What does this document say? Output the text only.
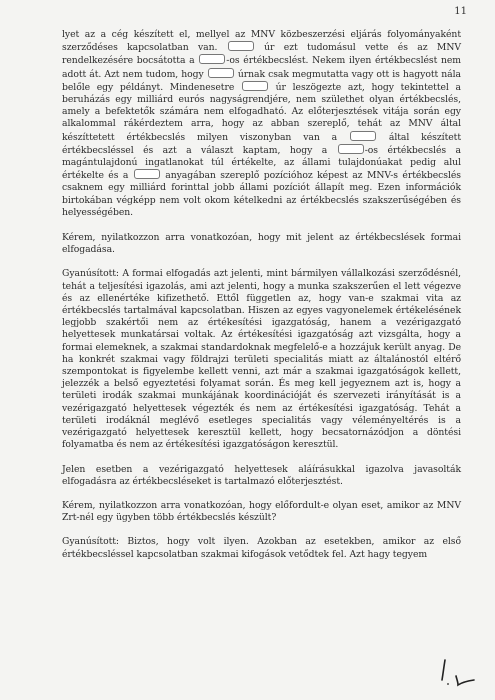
11

lyet az a cég készített el, mellyel az MNV közbeszerzési eljárás folyományaként szerződéses kapcsolatban van.	úr ezt tudomásul vette és az MNV rendelkezésére bocsátotta a	-os értékbecslést. Nekem ilyen értékbecslést nem adott át. Azt nem tudom, hogy	úrnak csak megmutatta vagy ott is hagyott nála belőle egy példányt. Mindenesetre	úr leszögezte azt, hogy tekintettel a beruházás egy milliárd eurós nagyságrendjére, nem születhet olyan értékbecslés, amely a befektetők számára nem elfogadható. Az előterjesztések vitája során egy alkalommal rákérdeztem arra, hogy az abban szereplő, tehát az MNV által készíttetett értékbecslés milyen viszonyban van a	által készített értékbecsléssel és azt a választ kaptam, hogy a	-os értékbecslés a magántulajdonú ingatlanokat túl értékelte, az állami tulajdonúakat pedig alul értékelte és a	anyagában szereplő pozícióhoz képest az MNV-s értékbecslés csaknem egy milliárd forinttal jobb állami pozíciót állapít meg. Ezen információk birtokában végképp nem volt okom kételkedni az értékbecslés szakszerűségében és helyességében.

Kérem, nyilatkozzon arra vonatkozóan, hogy mit jelent az értékbecslések formai elfogadása.

Gyanúsított: A formai elfogadás azt jelenti, mint bármilyen vállalkozási szerződésnél, tehát a teljesítési igazolás, ami azt jelenti, hogy a munka szakszerűen el lett végezve és az ellenértéke kifizethető. Ettől független az, hogy van-e szakmai vita az értékbecslés tartalmával kapcsolatban. Hiszen az egyes vagyonelemek értékelésének legjobb szakértői nem az értékesítési igazgatóság, hanem a vezérigazgató helyettesek munkatársai voltak. Az értékesítési igazgatóság azt vizsgálta, hogy a formai elemeknek, a szakmai standardoknak megfelelő-e a hozzájuk került anyag. De ha konkrét szakmai vagy földrajzi területi specialitás miatt az általánostól eltérő szempontokat is figyelembe kellett venni, azt már a szakmai igazgatóságok kellett, jelezzék a belső egyeztetési folyamat során. És meg kell jegyeznem azt is, hogy a területi irodák szakmai munkájának koordinációját és szervezeti irányítását is a vezérigazgató helyettesek végezték és nem az értékesítési igazgatóság. Tehát a területi irodáknál meglévő esetleges specialitás vagy véleményeltérés is a vezérigazgató helyettesek keresztül kellett, hogy becsatornázódjon a döntési folyamatba és nem az értékesítési igazgatóságon keresztül.

Jelen esetben a vezérigazgató helyettesek aláírásukkal igazolva javasolták elfogadásra az értékbecsléseket is tartalmazó előterjesztést.

Kérem, nyilatkozzon arra vonatkozóan, hogy előfordult-e olyan eset, amikor az MNV Zrt-nél egy ügyben több értékbecslés készült?

Gyanúsított: Biztos, hogy volt ilyen. Azokban az esetekben, amikor az első értékbecsléssel kapcsolatban szakmai kifogások vetődtek fel. Azt hagy tegyem
